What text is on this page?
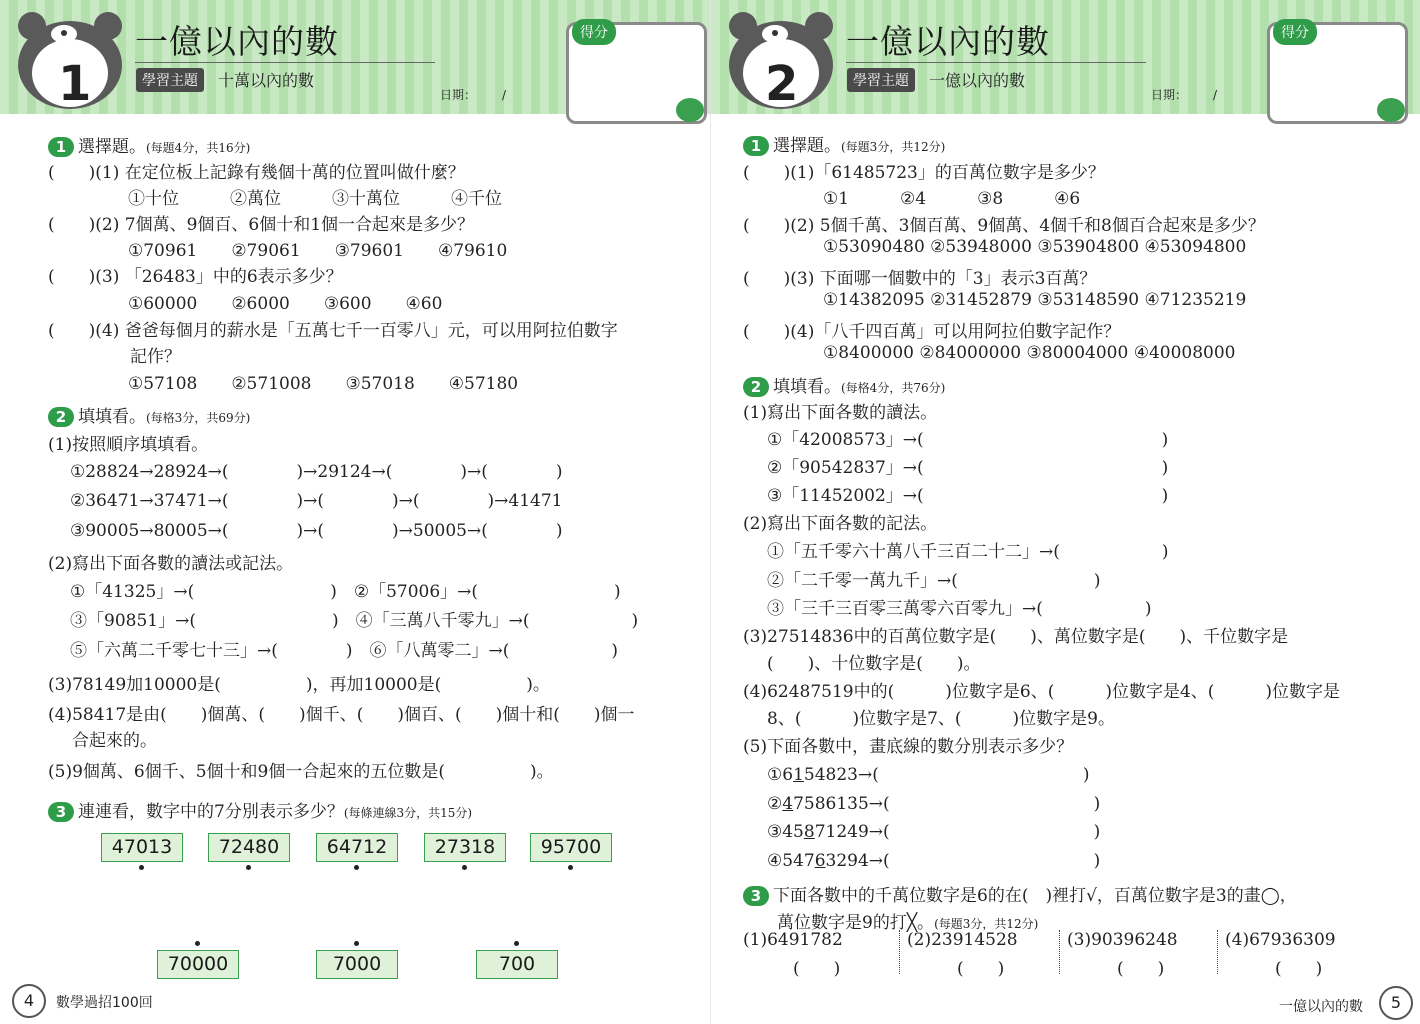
1
一億以內的數
學習主題	十萬以內的數
日期： /
得分
1 選擇題。(每題4分，共16分)
(　　)(1) 在定位板上記錄有幾個十萬的位置叫做什麼？
①十位　　　②萬位　　　③十萬位　　　④千位
(　　)(2) 7個萬、9個百、6個十和1個一合起來是多少？
①70961　　②79061　　③79601　　④79610
(　　)(3) 「26483」中的6表示多少？
①60000　　②6000　　③600　　④60
(　　)(4) 爸爸每個月的薪水是「五萬七千一百零八」元，可以用阿拉伯數字
記作？
①57108　　②571008　　③57018　　④57180
2 填填看。(每格3分，共69分)
(1)按照順序填填看。
①28824→28924→(　　　　)→29124→(　　　　)→(　　　　)
②36471→37471→(　　　　)→(　　　　)→(　　　　)→41471
③90005→80005→(　　　　)→(　　　　)→50005→(　　　　)
(2)寫出下面各數的讀法或記法。
①「41325」→(　　　　　　　　)　②「57006」→(　　　　　　　　)
③「90851」→(　　　　　　　　)　④「三萬八千零九」→(　　　　　　)
⑤「六萬二千零七十三」→(　　　　)　⑥「八萬零二」→(　　　　　　)
(3)78149加10000是(　　　　　)，再加10000是(　　　　　)。
(4)58417是由(　　)個萬、(　　)個千、(　　)個百、(　　)個十和(　　)個一
合起來的。
(5)9個萬、6個千、5個十和9個一合起來的五位數是(　　　　　)。
3 連連看，數字中的7分別表示多少？(每條連線3分，共15分)
47013	72480	64712	27318	95700
70000	7000	700
4	數學過招100回
2
一億以內的數
學習主題	一億以內的數
日期： /
得分
1 選擇題。(每題3分，共12分)
(　　)(1)「61485723」的百萬位數字是多少？
①1　　　②4　　　③8　　　④6
(　　)(2) 5個千萬、3個百萬、9個萬、4個千和8個百合起來是多少？
①53090480 ②53948000 ③53904800 ④53094800
(　　)(3) 下面哪一個數中的「3」表示3百萬？
①14382095 ②31452879 ③53148590 ④71235219
(　　)(4)「八千四百萬」可以用阿拉伯數字記作？
①8400000 ②84000000 ③80004000 ④40008000
2 填填看。(每格4分，共76分)
(1)寫出下面各數的讀法。
①「42008573」→(　　　　　　　　　　　　　　)
②「90542837」→(　　　　　　　　　　　　　　)
③「11452002」→(　　　　　　　　　　　　　　)
(2)寫出下面各數的記法。
①「五千零六十萬八千三百二十二」→(　　　　　　)
②「二千零一萬九千」→(　　　　　　　　)
③「三千三百零三萬零六百零九」→(　　　　　　)
(3)27514836中的百萬位數字是(　　)、萬位數字是(　　)、千位數字是
(　　)、十位數字是(　　)。
(4)62487519中的(　　　)位數字是6、(　　　)位數字是4、(　　　)位數字是
8、(　　　)位數字是7、(　　　)位數字是9。
(5)下面各數中，畫底線的數分別表示多少？
①6154823→(　　　　　　　　　　　　)
②47586135→(　　　　　　　　　　　　)
③45871249→(　　　　　　　　　　　　)
④54763294→(　　　　　　　　　　　　)
3 下面各數中的千萬位數字是6的在(　)裡打√，百萬位數字是3的畫◯，
萬位數字是9的打╳。(每題3分，共12分)
(1)6491782
(　　)
(2)23914528
(　　)
(3)90396248
(　　)
(4)67936309
(　　)
一億以內的數	5
